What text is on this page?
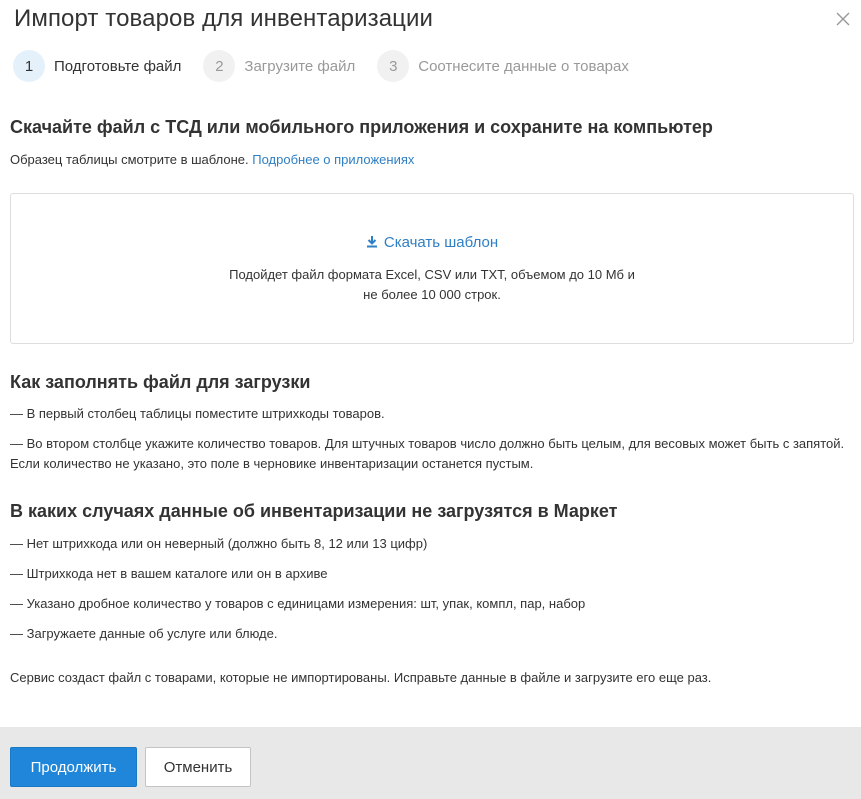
Импорт товаров для инвентаризации
1	Подготовьте файл	2	Загрузите файл	3	Соотнесите данные о товарах
Скачайте файл с ТСД или мобильного приложения и сохраните на компьютер
Образец таблицы смотрите в шаблоне. Подробнее о приложениях
Скачать шаблон
Подойдет файл формата Excel, CSV или TXT, объемом до 10 Мб и
не более 10 000 строк.
Как заполнять файл для загрузки
— В первый столбец таблицы поместите штрихкоды товаров.
— Во втором столбце укажите количество товаров. Для штучных товаров число должно быть целым, для весовых может быть с запятой. Если количество не указано, это поле в черновике инвентаризации останется пустым.
В каких случаях данные об инвентаризации не загрузятся в Маркет
— Нет штрихкода или он неверный (должно быть 8, 12 или 13 цифр)
— Штрихкода нет в вашем каталоге или он в архиве
— Указано дробное количество у товаров с единицами измерения: шт, упак, компл, пар, набор
— Загружаете данные об услуге или блюде.
Сервис создаст файл с товарами, которые не импортированы. Исправьте данные в файле и загрузите его еще раз.
Продолжить	Отменить
